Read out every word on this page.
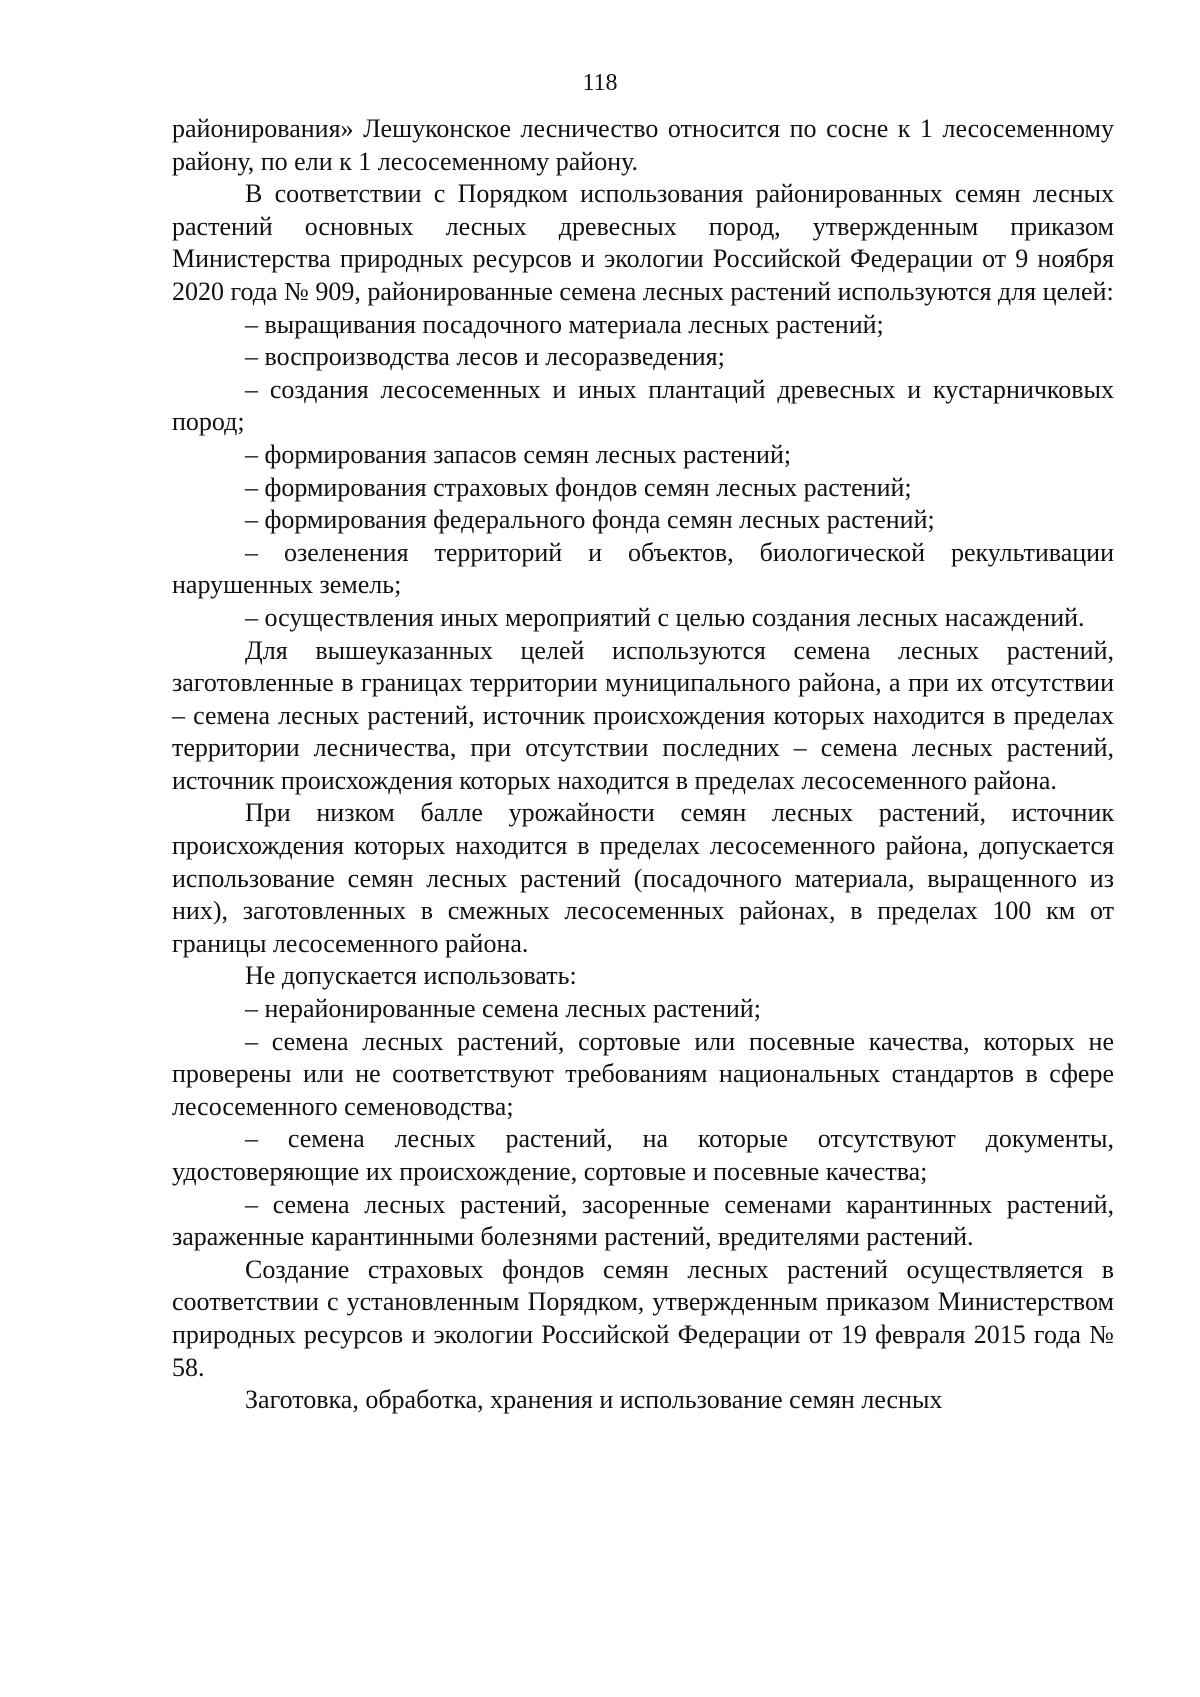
118

районирования» Лешуконское лесничество относится по сосне к 1 лесосеменному району, по ели к 1 лесосеменному району.

В соответствии с Порядком использования районированных семян лесных растений основных лесных древесных пород, утвержденным приказом Министерства природных ресурсов и экологии Российской Федерации от 9 ноября 2020 года № 909, районированные семена лесных растений используются для целей:

– выращивания посадочного материала лесных растений;

– воспроизводства лесов и лесоразведения;

– создания лесосеменных и иных плантаций древесных и кустарничковых пород;

– формирования запасов семян лесных растений;

– формирования страховых фондов семян лесных растений;

– формирования федерального фонда семян лесных растений;

– озеленения территорий и объектов, биологической рекультивации нарушенных земель;

– осуществления иных мероприятий с целью создания лесных насаждений.

Для вышеуказанных целей используются семена лесных растений, заготовленные в границах территории муниципального района, а при их отсутствии – семена лесных растений, источник происхождения которых находится в пределах территории лесничества, при отсутствии последних – семена лесных растений, источник происхождения которых находится в пределах лесосеменного района.

При низком балле урожайности семян лесных растений, источник происхождения которых находится в пределах лесосеменного района, допускается использование семян лесных растений (посадочного материала, выращенного из них), заготовленных в смежных лесосеменных районах, в пределах 100 км от границы лесосеменного района.

Не допускается использовать:

– нерайонированные семена лесных растений;

– семена лесных растений, сортовые или посевные качества, которых не проверены или не соответствуют требованиям национальных стандартов в сфере лесосеменного семеноводства;

– семена лесных растений, на которые отсутствуют документы, удостоверяющие их происхождение, сортовые и посевные качества;

– семена лесных растений, засоренные семенами карантинных растений, зараженные карантинными болезнями растений, вредителями растений.

Создание страховых фондов семян лесных растений осуществляется в соответствии с установленным Порядком, утвержденным приказом Министерством природных ресурсов и экологии Российской Федерации от 19 февраля 2015 года № 58.

Заготовка, обработка, хранения и использование семян лесных
